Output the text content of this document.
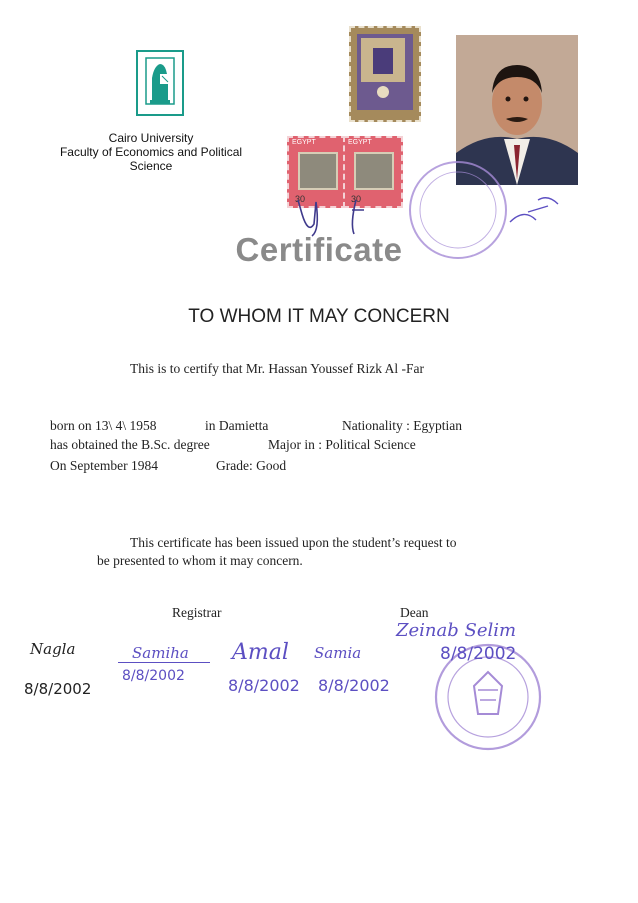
Cairo University
Faculty of Economics and Political Science
EGYPT
30
EGYPT
30
Certificate
TO WHOM IT MAY CONCERN
This is to certify that Mr. Hassan Youssef Rizk Al -Far
born on 13\ 4\ 1958	in Damietta	Nationality : Egyptian
has obtained the B.Sc. degree	Major in : Political Science
On September 1984	Grade: Good
This certificate has been issued upon the student’s request to
be presented to whom it may concern.
Registrar	Dean
Nagla
8/8/2002
Samiha
8/8/2002
Amal
8/8/2002
Samia
8/8/2002
Zeinab Selim
8/8/2002
